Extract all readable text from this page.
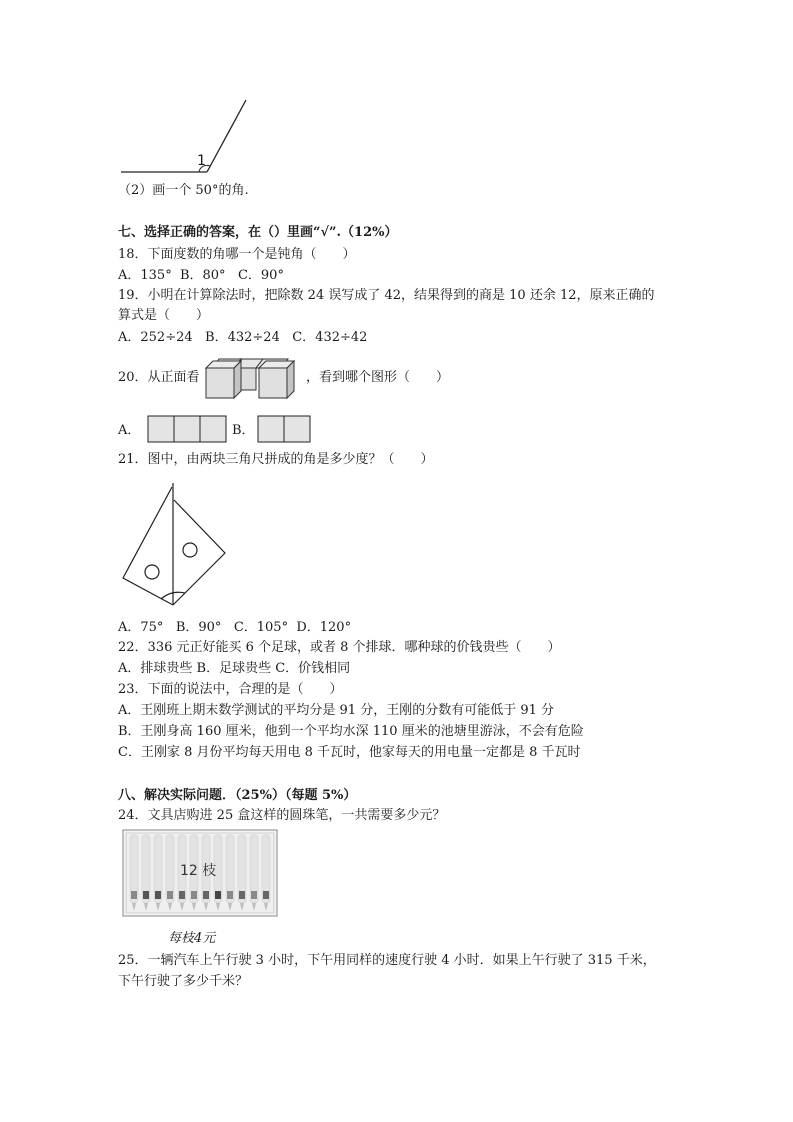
1
（2）画一个 50°的角.
七、选择正确的答案，在（）里画“√”.（12%）
18．下面度数的角哪一个是钝角（　　）
A．135°  B．80°   C．90°
19．小明在计算除法时，把除数 24 误写成了 42，结果得到的商是 10 还余 12，原来正确的
算式是（　　）
A．252÷24   B．432÷24   C．432÷42
20．从正面看	，看到哪个图形（　　）
A．	B．
21．图中，由两块三角尺拼成的角是多少度？（　　）
A．75°   B．90°   C．105°  D．120°
22．336 元正好能买 6 个足球，或者 8 个排球．哪种球的价钱贵些（　　）
A．排球贵些 B．足球贵些 C．价钱相同
23．下面的说法中，合理的是（　　）
A．王刚班上期末数学测试的平均分是 91 分，王刚的分数有可能低于 91 分
B．王刚身高 160 厘米，他到一个平均水深 110 厘米的池塘里游泳，不会有危险
C．王刚家 8 月份平均每天用电 8 千瓦时，他家每天的用电量一定都是 8 千瓦时
八、解决实际问题．（25%）（每题 5%）
24．文具店购进 25 盒这样的圆珠笔，一共需要多少元？
12 枝
每枝4元
25．一辆汽车上午行驶 3 小时，下午用同样的速度行驶 4 小时．如果上午行驶了 315 千米，
下午行驶了多少千米？
